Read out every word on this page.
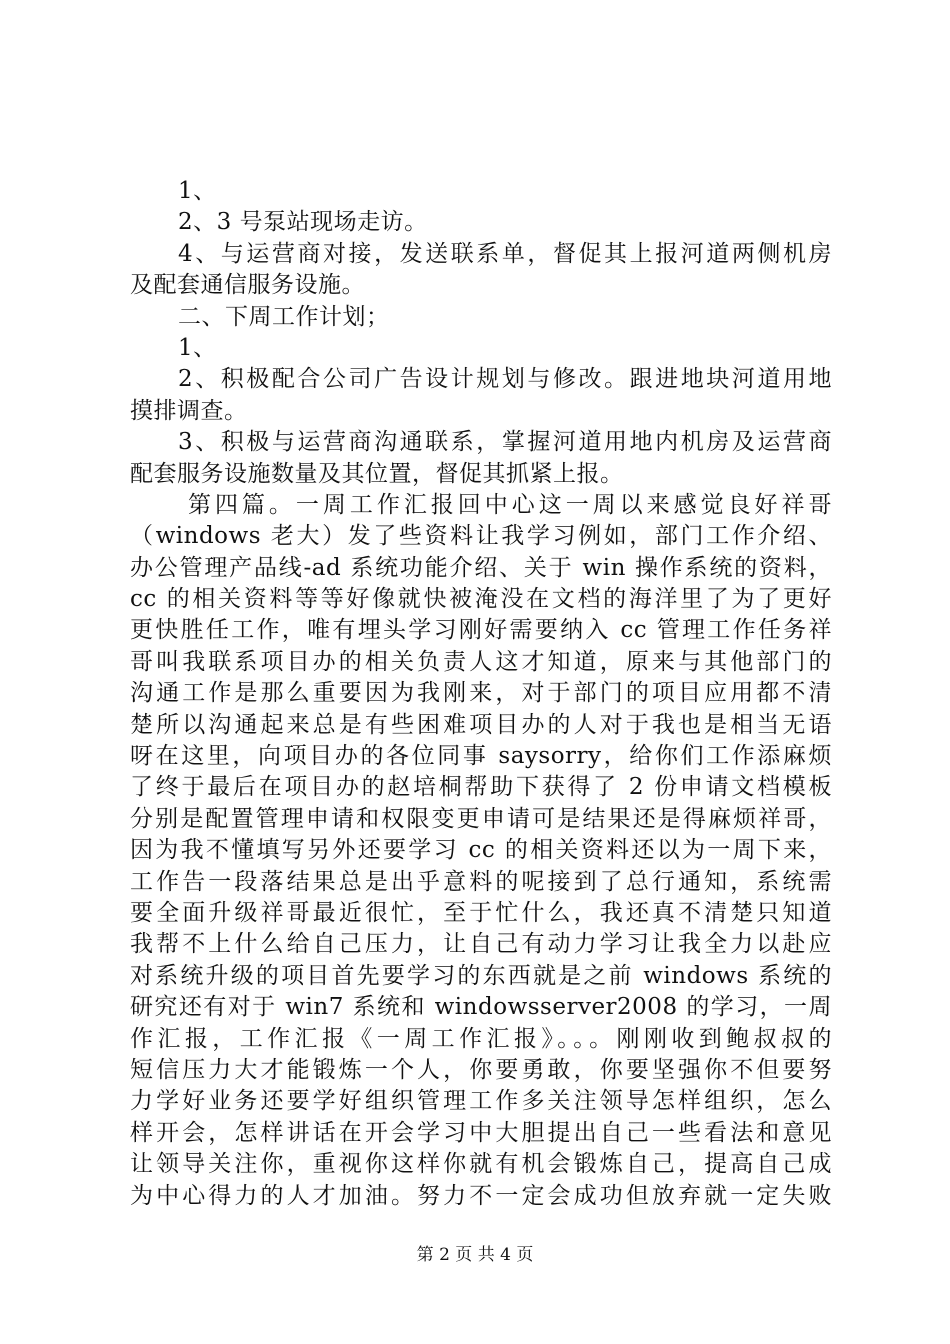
1、
2、3 号泵站现场走访。
4、与运营商对接，发送联系单，督促其上报河道两侧机房
及配套通信服务设施。
二、下周工作计划；
1、
2、积极配合公司广告设计规划与修改。跟进地块河道用地
摸排调查。
3、积极与运营商沟通联系，掌握河道用地内机房及运营商
配套服务设施数量及其位置，督促其抓紧上报。
第四篇。一周工作汇报回中心这一周以来感觉良好祥哥
（windows 老大）发了些资料让我学习例如，部门工作介绍、
办公管理产品线-ad 系统功能介绍、关于 win 操作系统的资料，
cc 的相关资料等等好像就快被淹没在文档的海洋里了为了更好
更快胜任工作，唯有埋头学习刚好需要纳入 cc 管理工作任务祥
哥叫我联系项目办的相关负责人这才知道，原来与其他部门的
沟通工作是那么重要因为我刚来，对于部门的项目应用都不清
楚所以沟通起来总是有些困难项目办的人对于我也是相当无语
呀在这里，向项目办的各位同事 saysorry，给你们工作添麻烦
了终于最后在项目办的赵培桐帮助下获得了 2 份申请文档模板
分别是配置管理申请和权限变更申请可是结果还是得麻烦祥哥，
因为我不懂填写另外还要学习 cc 的相关资料还以为一周下来，
工作告一段落结果总是出乎意料的呢接到了总行通知，系统需
要全面升级祥哥最近很忙，至于忙什么，我还真不清楚只知道
我帮不上什么给自己压力，让自己有动力学习让我全力以赴应
对系统升级的项目首先要学习的东西就是之前 windows 系统的
研究还有对于 win7 系统和 windowsserver2008 的学习，一周
作汇报，工作汇报《一周工作汇报》。。。刚刚收到鲍叔叔的
短信压力大才能锻炼一个人，你要勇敢，你要坚强你不但要努
力学好业务还要学好组织管理工作多关注领导怎样组织，怎么
样开会，怎样讲话在开会学习中大胆提出自己一些看法和意见
让领导关注你，重视你这样你就有机会锻炼自己，提高自己成
为中心得力的人才加油。努力不一定会成功但放弃就一定失败
第 2 页 共 4 页
